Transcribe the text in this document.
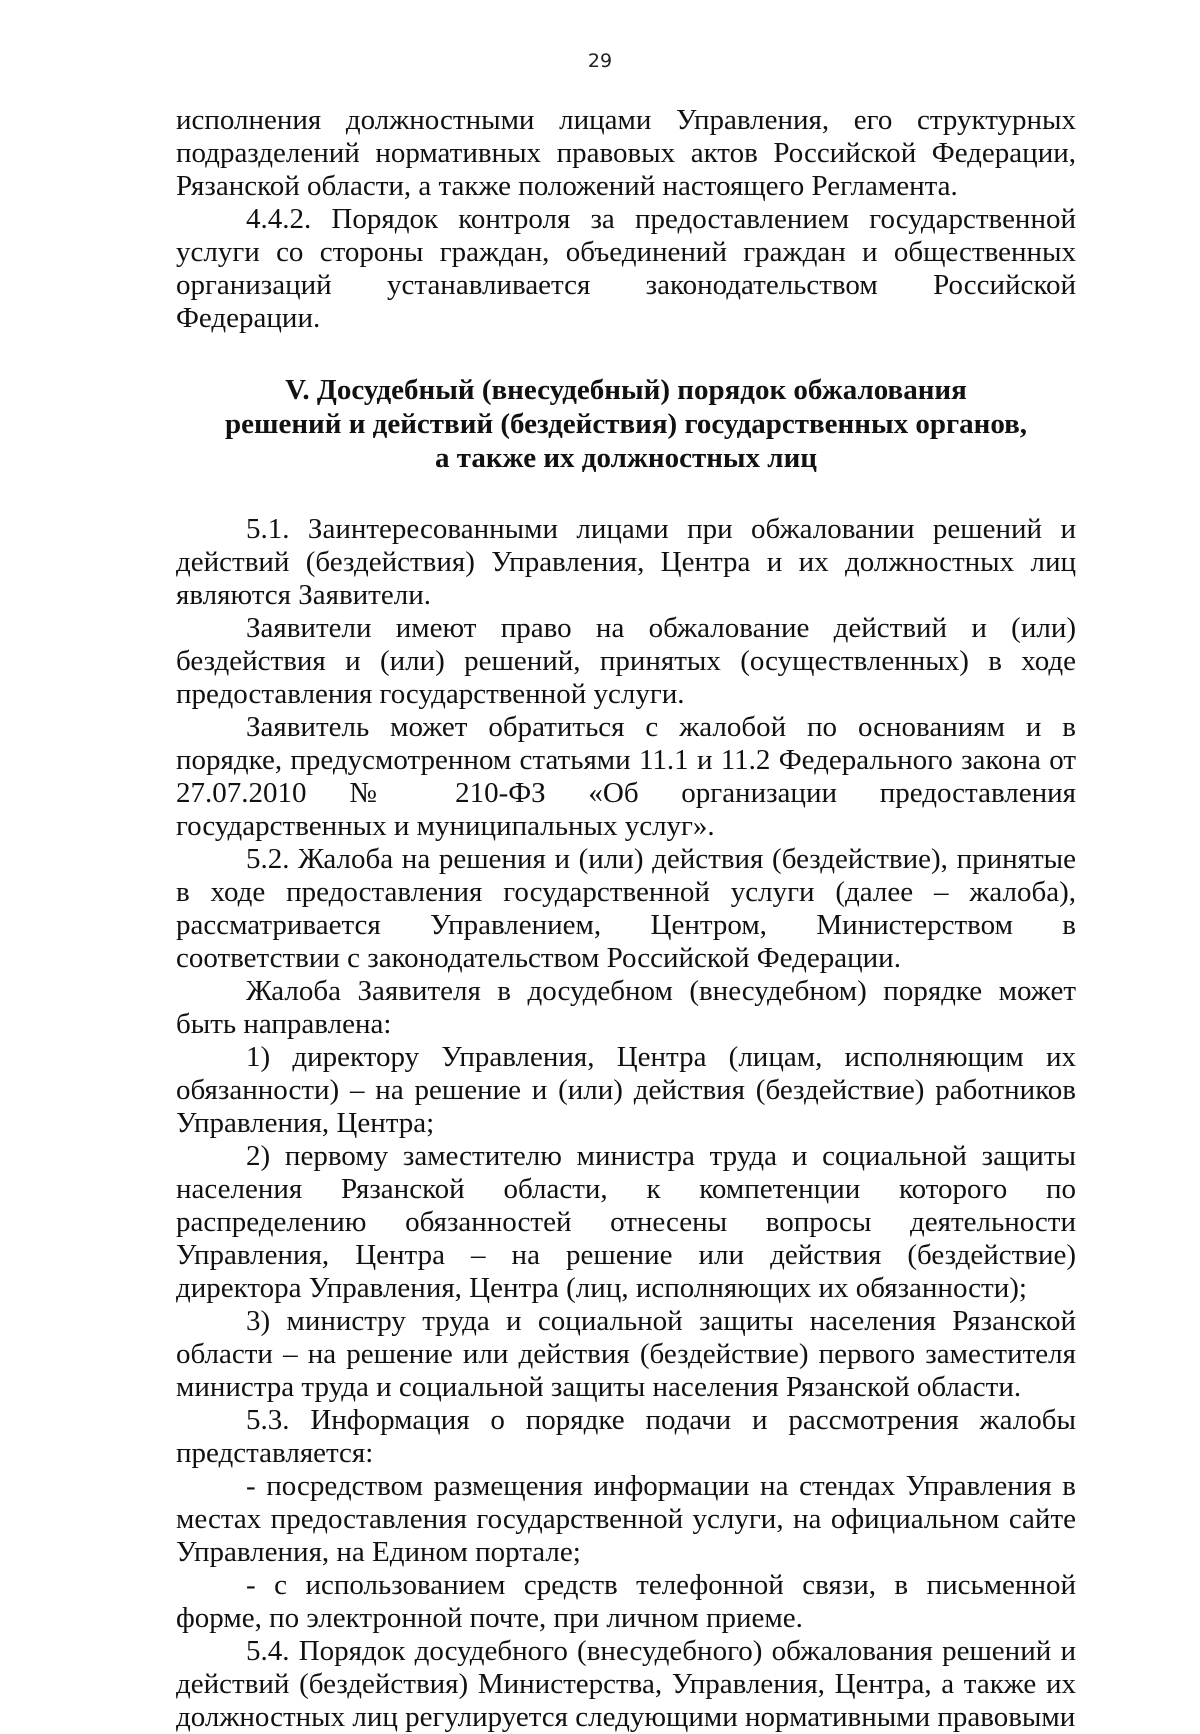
29

исполнения должностными лицами Управления, его структурных подразделений нормативных правовых актов Российской Федерации, Рязанской области, а также положений настоящего Регламента.

4.4.2. Порядок контроля за предоставлением государственной услуги со стороны граждан, объединений граждан и общественных организаций устанавливается законодательством Российской Федерации.

V. Досудебный (внесудебный) порядок обжалования
решений и действий (бездействия) государственных органов,
а также их должностных лиц

5.1. Заинтересованными лицами при обжаловании решений и действий (бездействия) Управления, Центра и их должностных лиц являются Заявители.

Заявители имеют право на обжалование действий и (или) бездействия и (или) решений, принятых (осуществленных) в ходе предоставления государственной услуги.

Заявитель может обратиться с жалобой по основаниям и в порядке, предусмотренном статьями 11.1 и 11.2 Федерального закона от 27.07.2010 № 210-ФЗ «Об организации предоставления государственных и муниципальных услуг».

5.2. Жалоба на решения и (или) действия (бездействие), принятые в ходе предоставления государственной услуги (далее – жалоба), рассматривается Управлением, Центром, Министерством в соответствии с законодательством Российской Федерации.

Жалоба Заявителя в досудебном (внесудебном) порядке может быть направлена:

1) директору Управления, Центра (лицам, исполняющим их обязанности) – на решение и (или) действия (бездействие) работников Управления, Центра;

2) первому заместителю министра труда и социальной защиты населения Рязанской области, к компетенции которого по распределению обязанностей отнесены вопросы деятельности Управления, Центра – на решение или действия (бездействие) директора Управления, Центра (лиц, исполняющих их обязанности);

3) министру труда и социальной защиты населения Рязанской области – на решение или действия (бездействие) первого заместителя министра труда и социальной защиты населения Рязанской области.

5.3. Информация о порядке подачи и рассмотрения жалобы представляется:

- посредством размещения информации на стендах Управления в местах предоставления государственной услуги, на официальном сайте Управления, на Едином портале;

- с использованием средств телефонной связи, в письменной форме, по электронной почте, при личном приеме.

5.4. Порядок досудебного (внесудебного) обжалования решений и действий (бездействия) Министерства, Управления, Центра, а также их должностных лиц регулируется следующими нормативными правовыми
